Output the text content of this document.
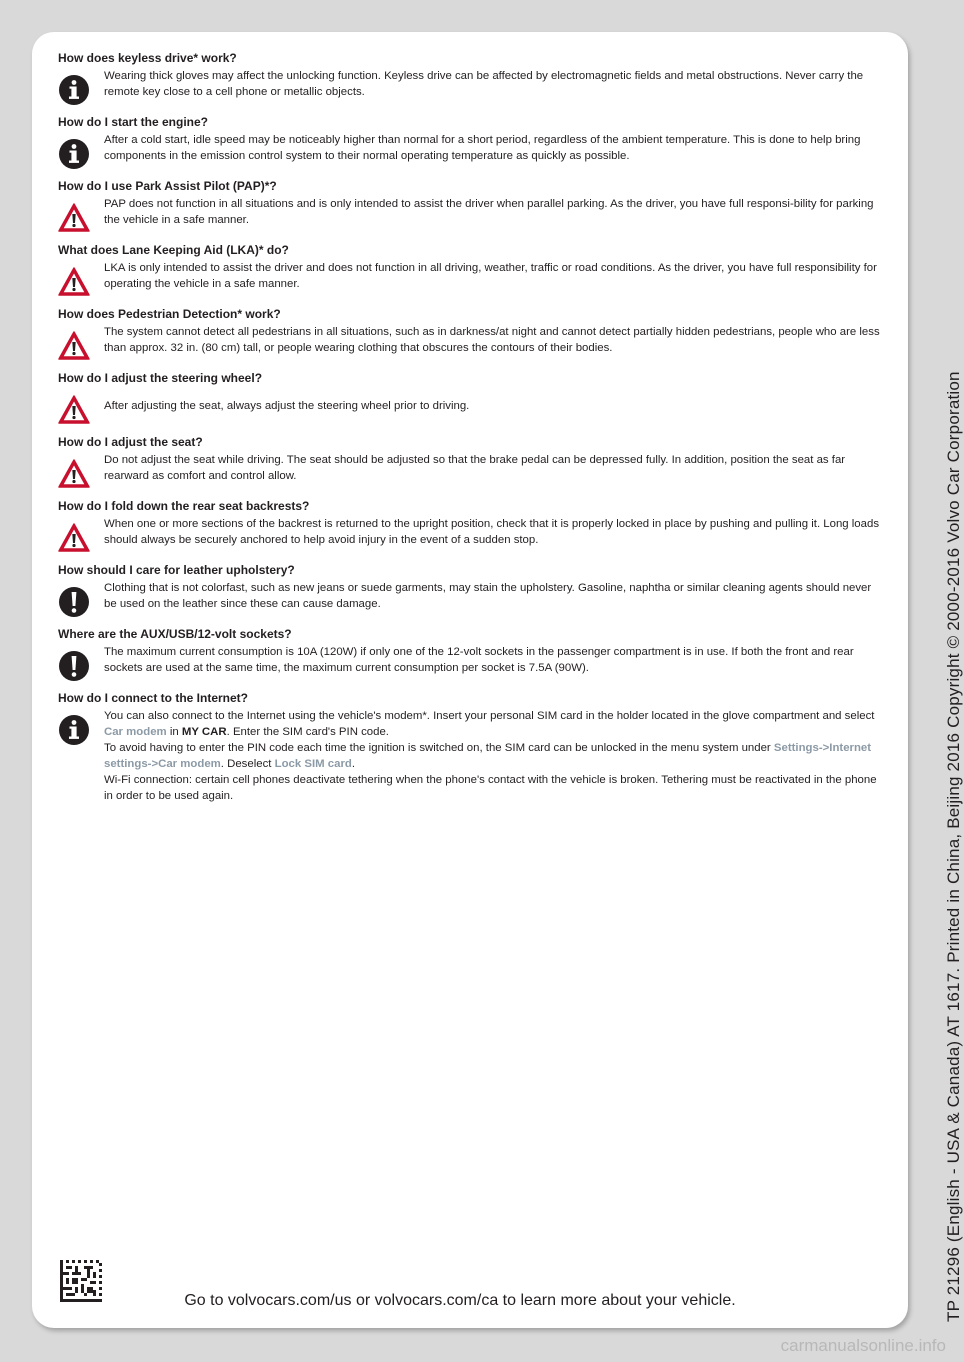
How does keyless drive* work?

Wearing thick gloves may affect the unlocking function. Keyless drive can be affected by electromagnetic fields and metal obstructions. Never carry the remote key close to a cell phone or metallic objects.

How do I start the engine?

After a cold start, idle speed may be noticeably higher than normal for a short period, regardless of the ambient temperature. This is done to help bring components in the emission control system to their normal operating temperature as quickly as possible.

How do I use Park Assist Pilot (PAP)*?

PAP does not function in all situations and is only intended to assist the driver when parallel parking. As the driver, you have full responsi-bility for parking the vehicle in a safe manner.

What does Lane Keeping Aid (LKA)* do?

LKA is only intended to assist the driver and does not function in all driving, weather, traffic or road conditions. As the driver, you have full responsibility for operating the vehicle in a safe manner.

How does Pedestrian Detection* work?

The system cannot detect all pedestrians in all situations, such as in darkness/at night and cannot detect partially hidden pedestrians, people who are less than approx. 32 in. (80 cm) tall, or people wearing clothing that obscures the contours of their bodies.

How do I adjust the steering wheel?

After adjusting the seat, always adjust the steering wheel prior to driving.

How do I adjust the seat?

Do not adjust the seat while driving. The seat should be adjusted so that the brake pedal can be depressed fully. In addition, position the seat as far rearward as comfort and control allow.

How do I fold down the rear seat backrests?

When one or more sections of the backrest is returned to the upright position, check that it is properly locked in place by pushing and pulling it. Long loads should always be securely anchored to help avoid injury in the event of a sudden stop.

How should I care for leather upholstery?

Clothing that is not colorfast, such as new jeans or suede garments, may stain the upholstery. Gasoline, naphtha or similar cleaning agents should never be used on the leather since these can cause damage.

Where are the AUX/USB/12-volt sockets?

The maximum current consumption is 10A (120W) if only one of the 12-volt sockets in the passenger compartment is in use. If both the front and rear sockets are used at the same time, the maximum current consumption per socket is 7.5A (90W).

How do I connect to the Internet?

You can also connect to the Internet using the vehicle's modem*. Insert your personal SIM card in the holder located in the glove compartment and select Car modem in MY CAR. Enter the SIM card's PIN code.

To avoid having to enter the PIN code each time the ignition is switched on, the SIM card can be unlocked in the menu system under Settings->Internet settings->Car modem. Deselect Lock SIM card.

Wi-Fi connection: certain cell phones deactivate tethering when the phone's contact with the vehicle is broken. Tethering must be reactivated in the phone in order to be used again.

Go to volvocars.com/us or volvocars.com/ca to learn more about your vehicle.	TP 21296 (English - USA & Canada) AT 1617. Printed in China, Beijing 2016 Copyright © 2000-2016 Volvo Car Corporation
carmanualsonline.info
